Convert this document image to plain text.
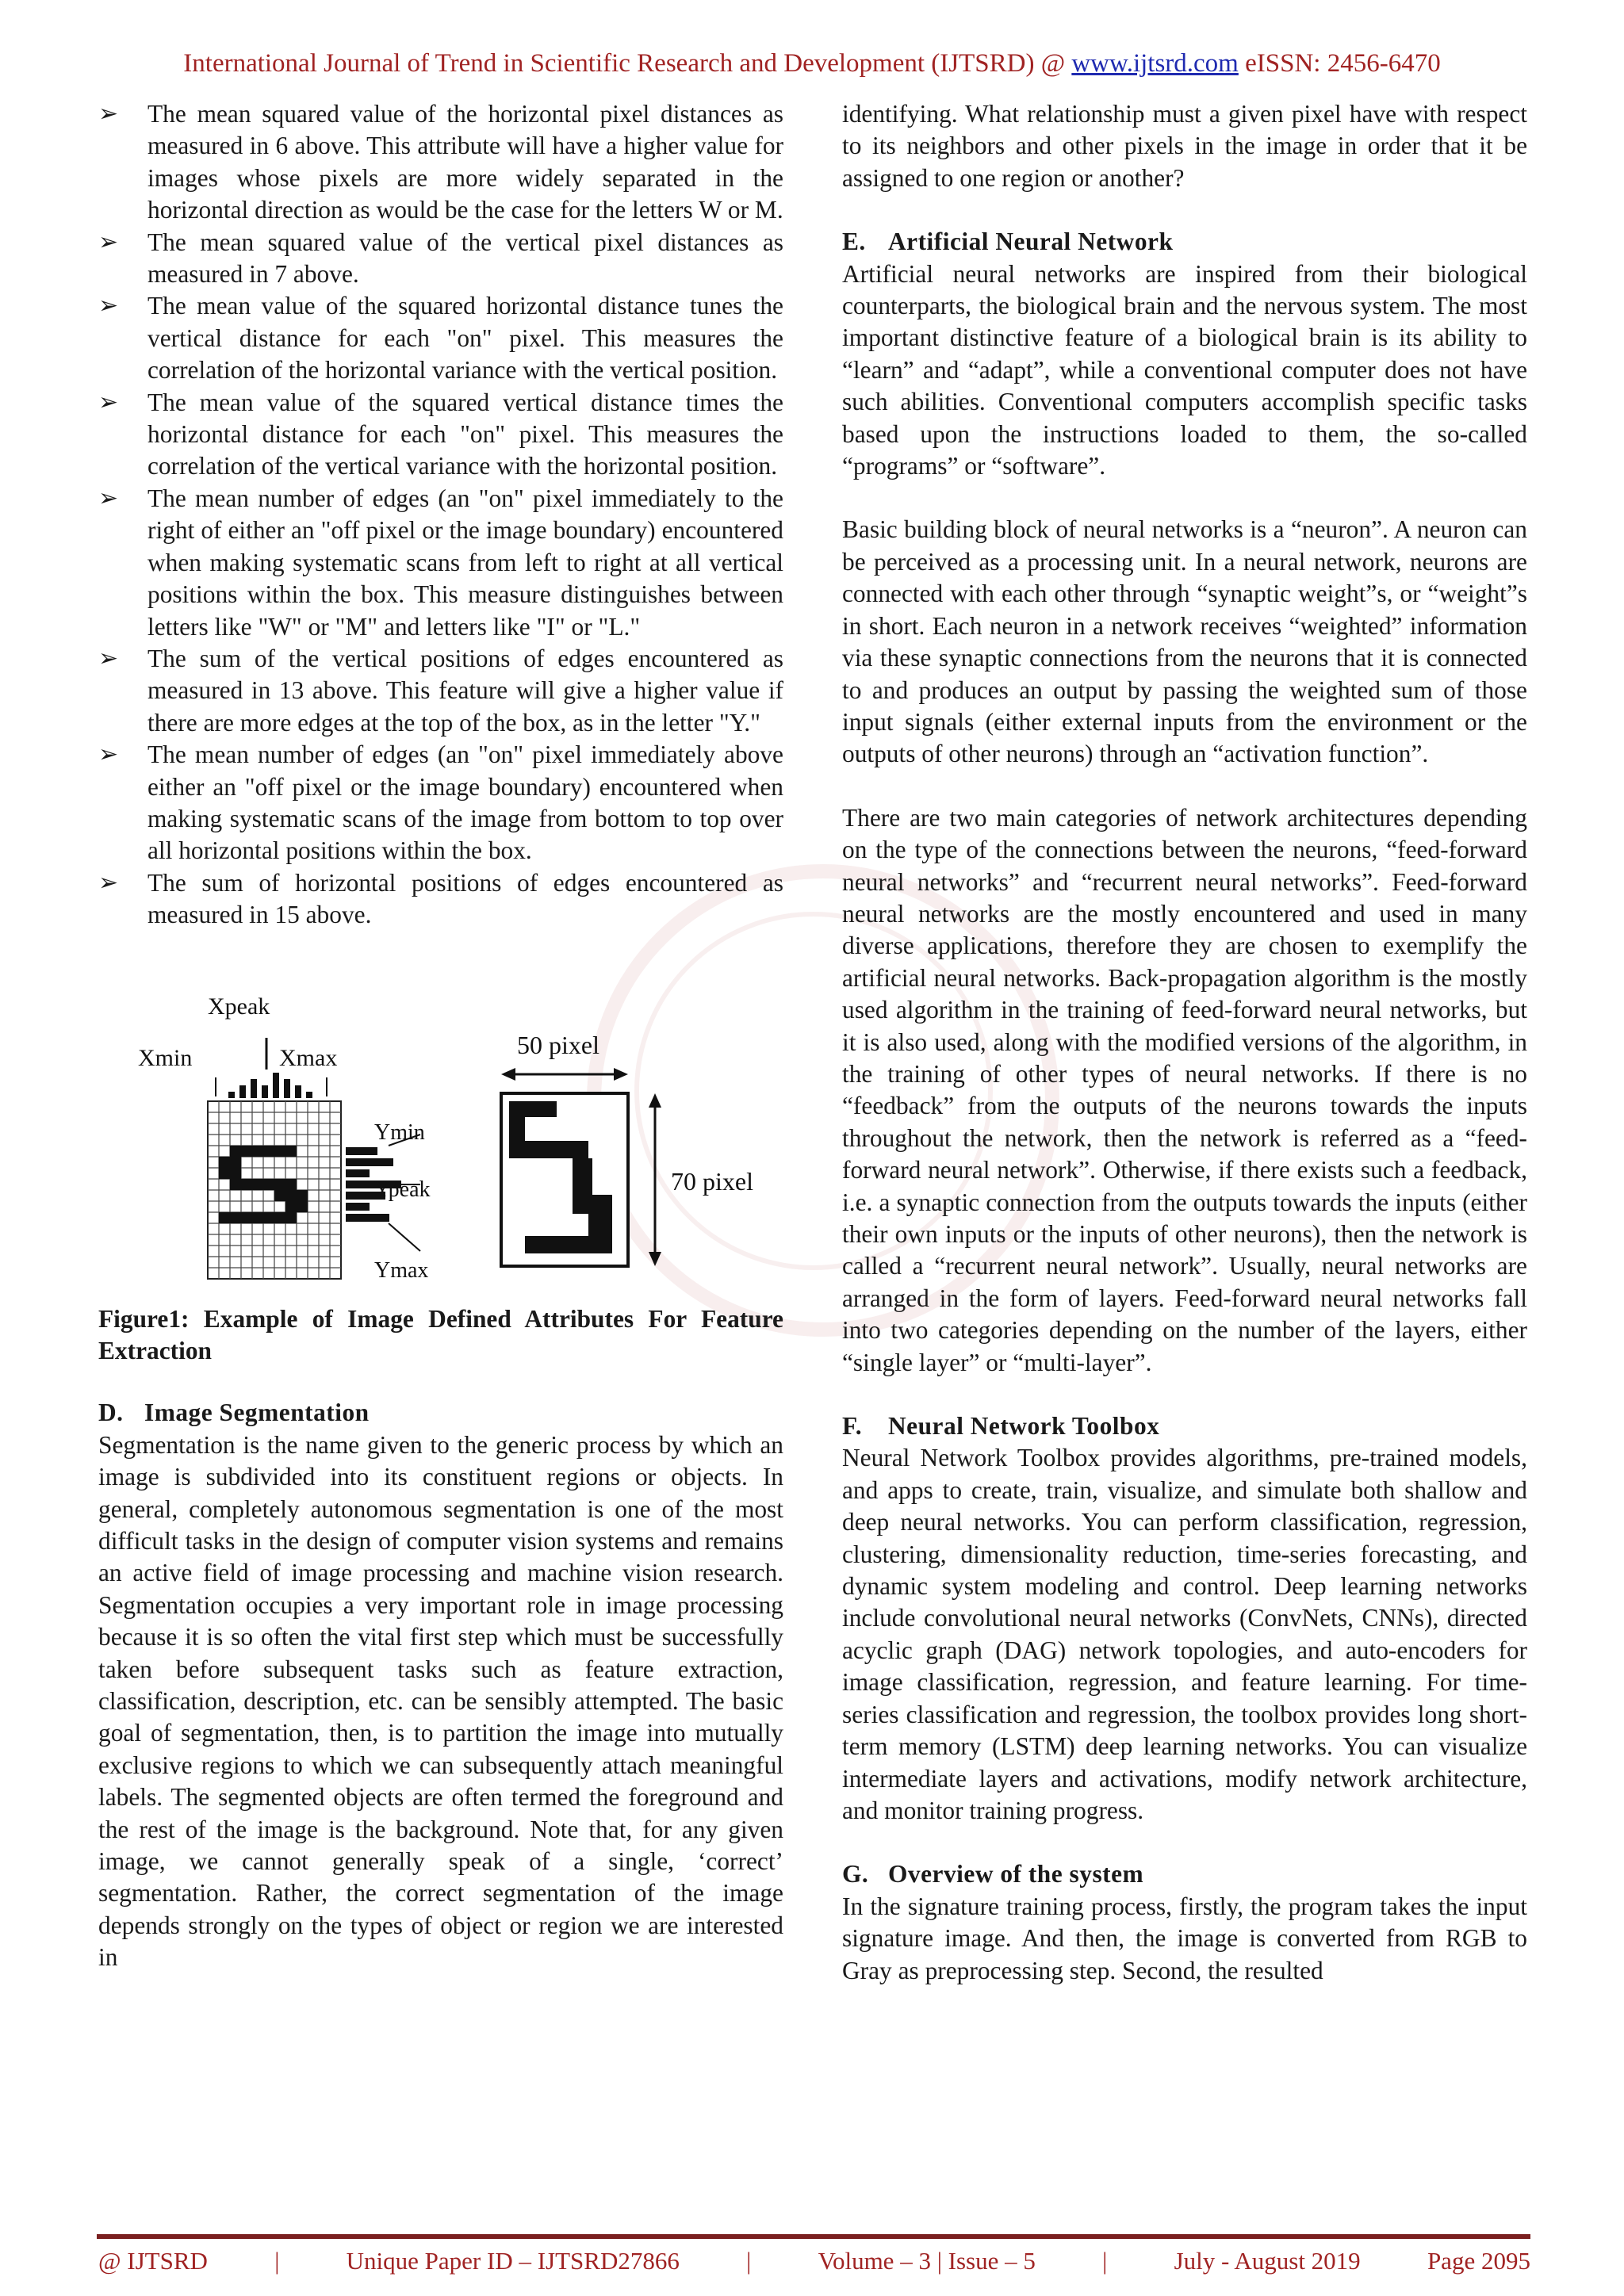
International Journal of Trend in Scientific Research and Development (IJTSRD) @ www.ijtsrd.com eISSN: 2456-6470
➢ The mean squared value of the horizontal pixel distances as measured in 6 above. This attribute will have a higher value for images whose pixels are more widely separated in the horizontal direction as would be the case for the letters W or M.
➢ The mean squared value of the vertical pixel distances as measured in 7 above.
➢ The mean value of the squared horizontal distance tunes the vertical distance for each "on" pixel. This measures the correlation of the horizontal variance with the vertical position.
➢ The mean value of the squared vertical distance times the horizontal distance for each "on" pixel. This measures the correlation of the vertical variance with the horizontal position.
➢ The mean number of edges (an "on" pixel immediately to the right of either an "off pixel or the image boundary) encountered when making systematic scans from left to right at all vertical positions within the box. This measure distinguishes between letters like "W" or "M" and letters like "I" or "L."
➢ The sum of the vertical positions of edges encountered as measured in 13 above. This feature will give a higher value if there are more edges at the top of the box, as in the letter "Y."
➢ The mean number of edges (an "on" pixel immediately above either an "off pixel or the image boundary) encountered when making systematic scans of the image from bottom to top over all horizontal positions within the box.
➢ The sum of horizontal positions of edges encountered as measured in 15 above.
Xpeak
Xmin	Xmax
Ymin
Ypeak
Ymax
50 pixel
70 pixel

Figure1: Example of Image Defined Attributes For Feature Extraction

D. Image Segmentation

Segmentation is the name given to the generic process by which an image is subdivided into its constituent regions or objects. In general, completely autonomous segmentation is one of the most difficult tasks in the design of computer vision systems and remains an active field of image processing and machine vision research. Segmentation occupies a very important role in image processing because it is so often the vital first step which must be successfully taken before subsequent tasks such as feature extraction, classification, description, etc. can be sensibly attempted. The basic goal of segmentation, then, is to partition the image into mutually exclusive regions to which we can subsequently attach meaningful labels. The segmented objects are often termed the foreground and the rest of the image is the background. Note that, for any given image, we cannot generally speak of a single, ‘correct’ segmentation. Rather, the correct segmentation of the image depends strongly on the types of object or region we are interested in

identifying. What relationship must a given pixel have with respect to its neighbors and other pixels in the image in order that it be assigned to one region or another?

E. Artificial Neural Network

Artificial neural networks are inspired from their biological counterparts, the biological brain and the nervous system. The most important distinctive feature of a biological brain is its ability to “learn” and “adapt”, while a conventional computer does not have such abilities. Conventional computers accomplish specific tasks based upon the instructions loaded to them, the so-called “programs” or “software”.

Basic building block of neural networks is a “neuron”. A neuron can be perceived as a processing unit. In a neural network, neurons are connected with each other through “synaptic weight”s, or “weight”s in short. Each neuron in a network receives “weighted” information via these synaptic connections from the neurons that it is connected to and produces an output by passing the weighted sum of those input signals (either external inputs from the environment or the outputs of other neurons) through an “activation function”.

There are two main categories of network architectures depending on the type of the connections between the neurons, “feed-forward neural networks” and “recurrent neural networks”. Feed-forward neural networks are the mostly encountered and used in many diverse applications, therefore they are chosen to exemplify the artificial neural networks. Back-propagation algorithm is the mostly used algorithm in the training of feed-forward neural networks, but it is also used, along with the modified versions of the algorithm, in the training of other types of neural networks. If there is no “feedback” from the outputs of the neurons towards the inputs throughout the network, then the network is referred as a “feed-forward neural network”. Otherwise, if there exists such a feedback, i.e. a synaptic connection from the outputs towards the inputs (either their own inputs or the inputs of other neurons), then the network is called a “recurrent neural network”. Usually, neural networks are arranged in the form of layers. Feed-forward neural networks fall into two categories depending on the number of the layers, either “single layer” or “multi-layer”.

F. Neural Network Toolbox

Neural Network Toolbox provides algorithms, pre-trained models, and apps to create, train, visualize, and simulate both shallow and deep neural networks. You can perform classification, regression, clustering, dimensionality reduction, time-series forecasting, and dynamic system modeling and control. Deep learning networks include convolutional neural networks (ConvNets, CNNs), directed acyclic graph (DAG) network topologies, and auto-encoders for image classification, regression, and feature learning. For time-series classification and regression, the toolbox provides long short-term memory (LSTM) deep learning networks. You can visualize intermediate layers and activations, modify network architecture, and monitor training progress.

G. Overview of the system

In the signature training process, firstly, the program takes the input signature image. And then, the image is converted from RGB to Gray as preprocessing step. Second, the resulted

@ IJTSRD	|	Unique Paper ID – IJTSRD27866	|	Volume – 3 | Issue – 5	|	July - August 2019	Page 2095
